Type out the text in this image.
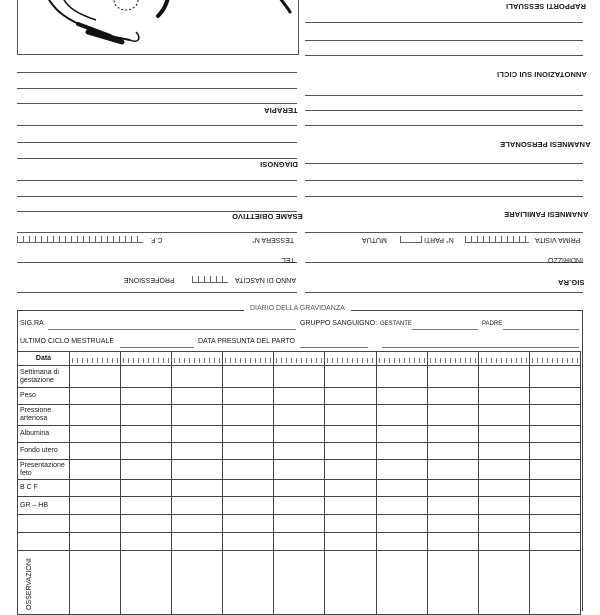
RAPPORTI SESSUALI
ANNOTAZIONI SUI CICLI
ANAMNESI PERSONALE
ANAMNESI FAMILIARE
PRIMA VISITA
N° PARTI
MUTUA
INDIRIZZO
SIG.RA
TERAPIA
DIAGNOSI
ESAME OBIETTIVO
TESSERA N°
C.F.
TEL.
ANNO DI NASCITA
PROFESSIONE
DIARIO DELLA GRAVIDANZA
SIG.RA	GRUPPO SANGUIGNO: GESTANTE	PADRE
ULTIMO CICLO MESTRUALE	DATA PRESUNTA DEL PARTO
Data	

Settimana di gestazione										
Peso										
Pressione arteriosa										
Albumina										
Fondo utero										
Presentazione feto										
B C F										
GR – HB										

OSSERVAZIONI										
